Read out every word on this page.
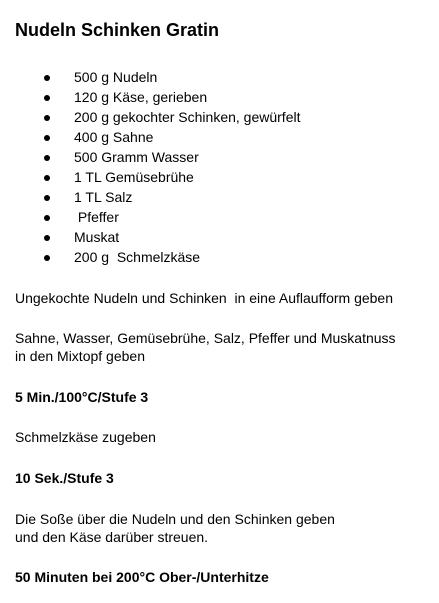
Nudeln Schinken Gratin

500 g Nudeln

120 g Käse, gerieben

200 g gekochter Schinken, gewürfelt

400 g Sahne

500 Gramm Wasser

1 TL Gemüsebrühe

1 TL Salz

Pfeffer

Muskat

200 g  Schmelzkäse

Ungekochte Nudeln und Schinken  in eine Auflaufform geben

Sahne, Wasser, Gemüsebrühe, Salz, Pfeffer und Muskatnuss

in den Mixtopf geben

5 Min./100°C/Stufe 3

Schmelzkäse zugeben

10 Sek./Stufe 3

Die Soße über die Nudeln und den Schinken geben

und den Käse darüber streuen.

50 Minuten bei 200°C Ober-/Unterhitze
